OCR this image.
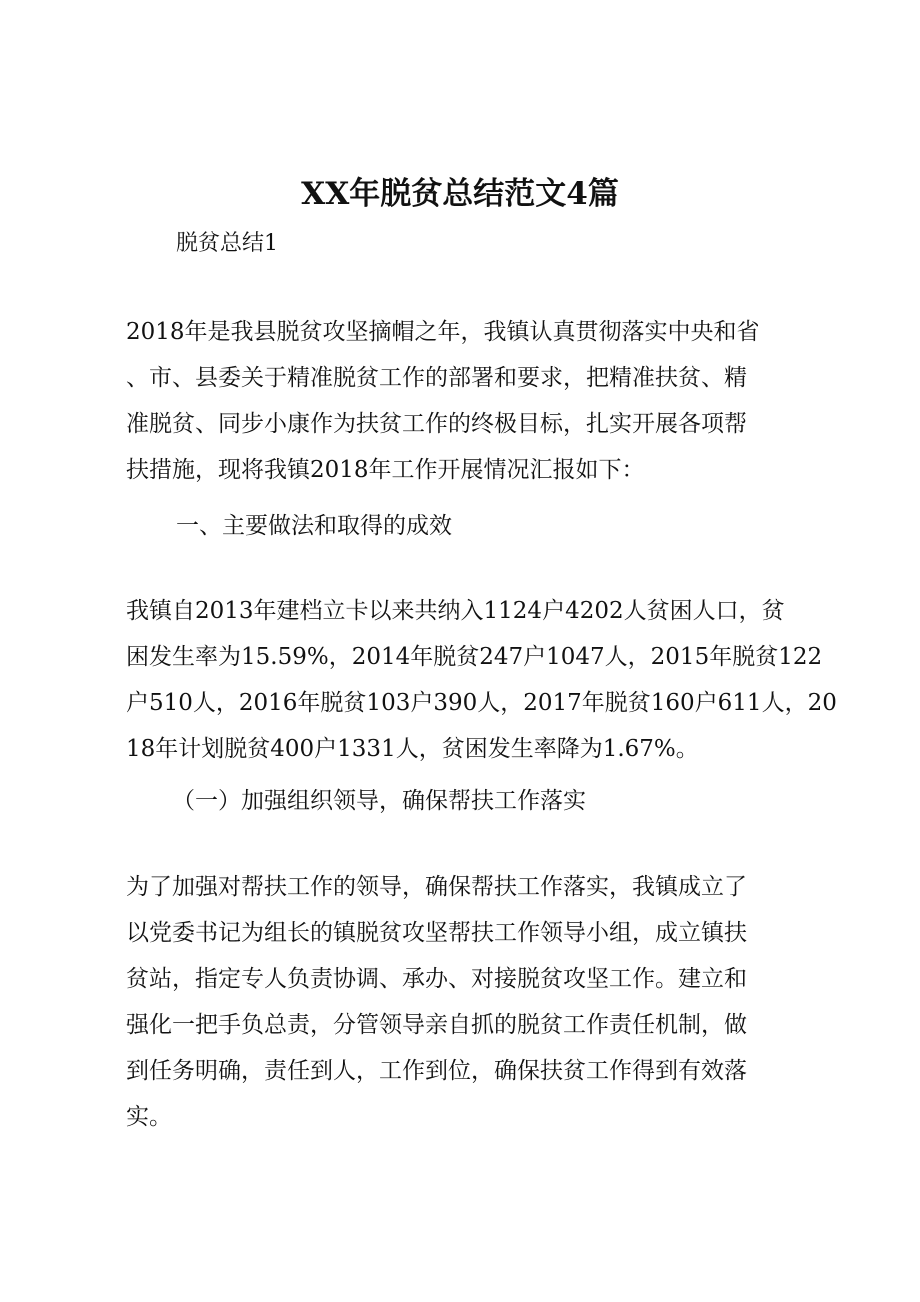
XX年脱贫总结范文4篇
脱贫总结1
2018年是我县脱贫攻坚摘帽之年，我镇认真贯彻落实中央和省
、市、县委关于精准脱贫工作的部署和要求，把精准扶贫、精
准脱贫、同步小康作为扶贫工作的终极目标，扎实开展各项帮
扶措施，现将我镇2018年工作开展情况汇报如下：
一、主要做法和取得的成效
我镇自2013年建档立卡以来共纳入1124户4202人贫困人口，贫
困发生率为15.59%，2014年脱贫247户1047人，2015年脱贫122
户510人，2016年脱贫103户390人，2017年脱贫160户611人，20
18年计划脱贫400户1331人，贫困发生率降为1.67%。
（一）加强组织领导，确保帮扶工作落实
为了加强对帮扶工作的领导，确保帮扶工作落实，我镇成立了
以党委书记为组长的镇脱贫攻坚帮扶工作领导小组，成立镇扶
贫站，指定专人负责协调、承办、对接脱贫攻坚工作。建立和
强化一把手负总责，分管领导亲自抓的脱贫工作责任机制，做
到任务明确，责任到人，工作到位，确保扶贫工作得到有效落
实。
